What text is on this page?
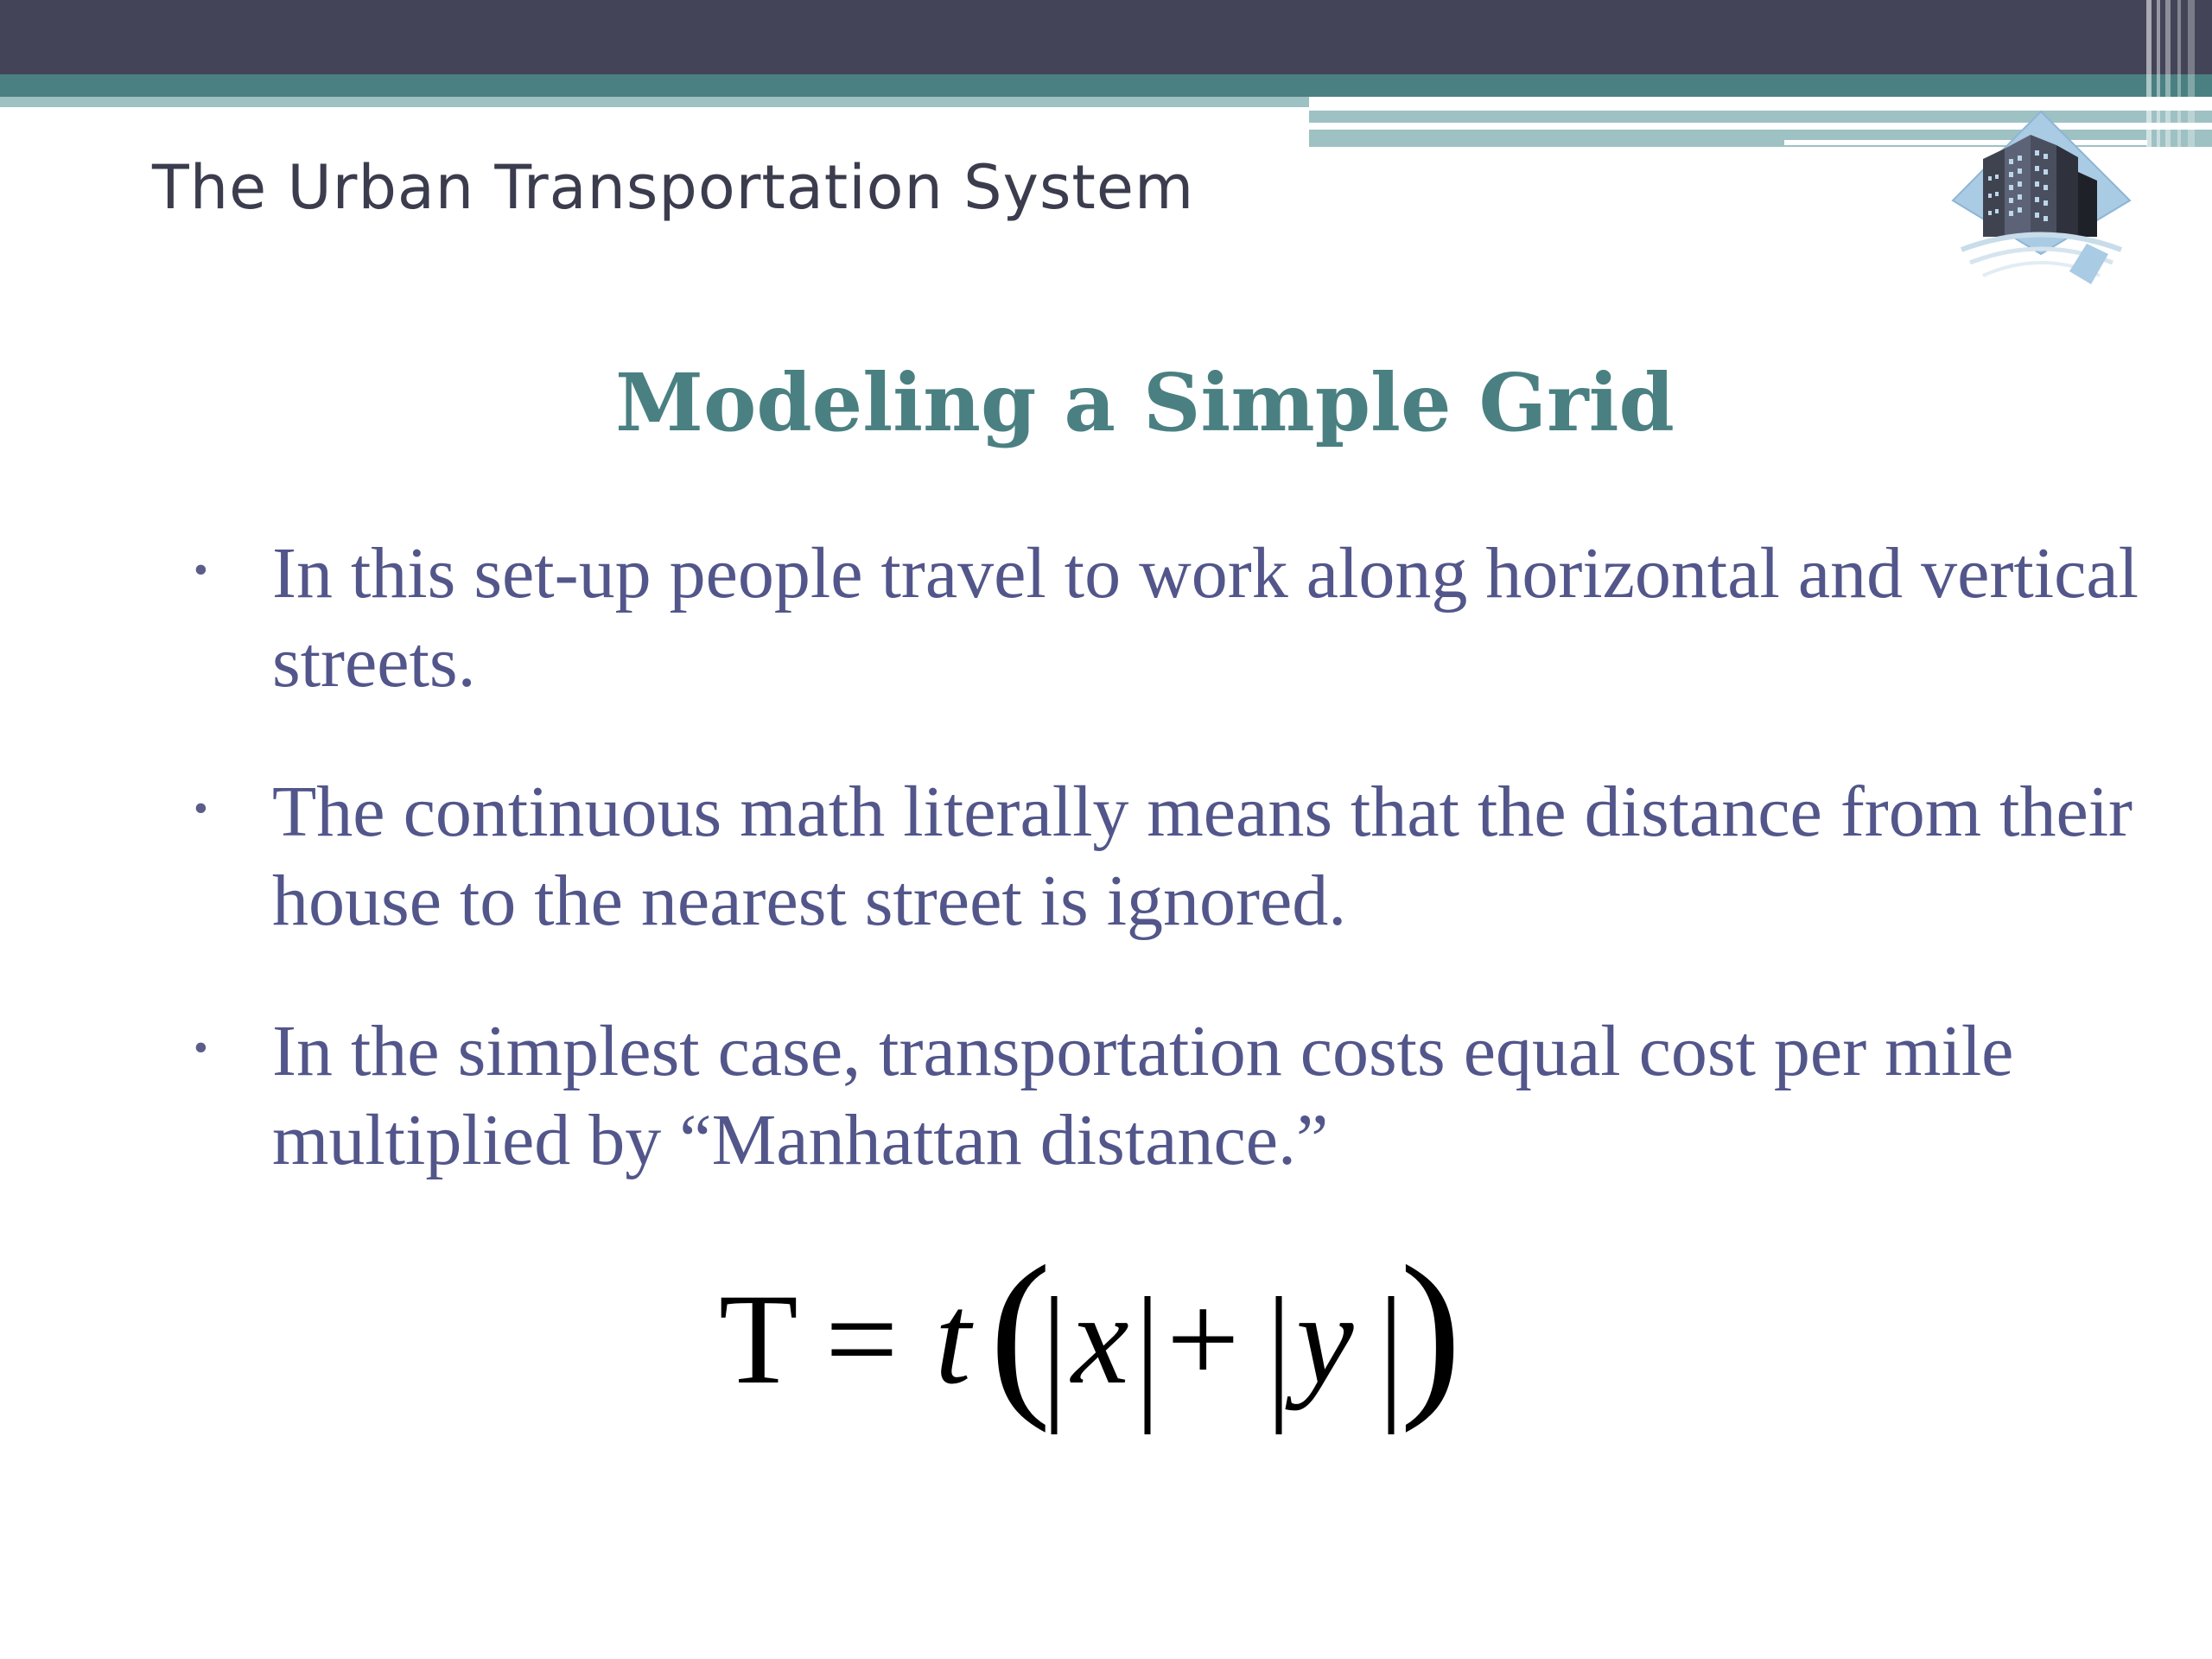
The Urban Transportation System
Modeling a Simple Grid
• In this set-up people travel to work along horizontal and vertical streets.

• The continuous math literally means that the distance from their house to the nearest street is ignored.

• In the simplest case, transportation costs equal cost per mile multiplied by “Manhattan distance.”

T = t ( x + y )
